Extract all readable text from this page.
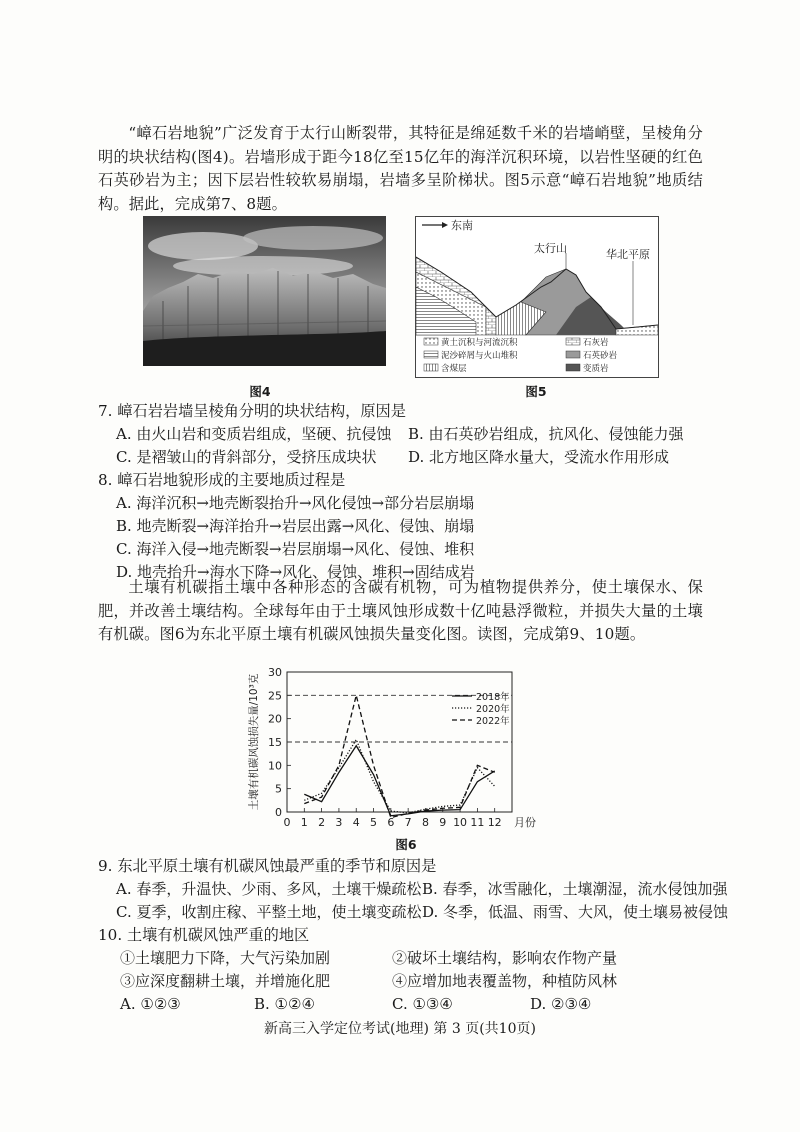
“嶂石岩地貌”广泛发育于太行山断裂带，其特征是绵延数千米的岩墙峭壁，呈棱角分明的块状结构(图4)。岩墙形成于距今18亿至15亿年的海洋沉积环境，以岩性坚硬的红色石英砂岩为主；因下层岩性较软易崩塌，岩墙多呈阶梯状。图5示意“嶂石岩地貌”地质结构。据此，完成第7、8题。
图4
东南
太行山	华北平原
黄土沉积与河流沉积	石灰岩
泥沙碎屑与火山堆积	石英砂岩
含煤层	变质岩
图5
7. 嶂石岩岩墙呈棱角分明的块状结构，原因是
A. 由火山岩和变质岩组成，坚硬、抗侵蚀 B. 由石英砂岩组成，抗风化、侵蚀能力强
C. 是褶皱山的背斜部分，受挤压成块状 D. 北方地区降水量大，受流水作用形成
8. 嶂石岩地貌形成的主要地质过程是
A. 海洋沉积→地壳断裂抬升→风化侵蚀→部分岩层崩塌
B. 地壳断裂→海洋抬升→岩层出露→风化、侵蚀、崩塌
C. 海洋入侵→地壳断裂→岩层崩塌→风化、侵蚀、堆积
D. 地壳抬升→海水下降→风化、侵蚀、堆积→固结成岩
土壤有机碳指土壤中各种形态的含碳有机物，可为植物提供养分，使土壤保水、保肥，并改善土壤结构。全球每年由于土壤风蚀形成数十亿吨悬浮微粒，并损失大量的土壤有机碳。图6为东北平原土壤有机碳风蚀损失量变化图。读图，完成第9、10题。
0
5
10
15
20
25
30
0 1 2 3 4 5 6 7 8 9 10 11 12 月份
土壤有机碳风蚀损失量/10³克	2018年
2020年
2022年
图6
9. 东北平原土壤有机碳风蚀最严重的季节和原因是
A. 春季，升温快、少雨、多风，土壤干燥疏松 B. 春季，冰雪融化，土壤潮湿，流水侵蚀加强
C. 夏季，收割庄稼、平整土地，使土壤变疏松 D. 冬季，低温、雨雪、大风，使土壤易被侵蚀
10. 土壤有机碳风蚀严重的地区
①土壤肥力下降，大气污染加剧	②破坏土壤结构，影响农作物产量
③应深度翻耕土壤，并增施化肥	④应增加地表覆盖物，种植防风林
A. ①②③	B. ①②④	C. ①③④	D. ②③④
新高三入学定位考试(地理) 第 3 页(共10页)
